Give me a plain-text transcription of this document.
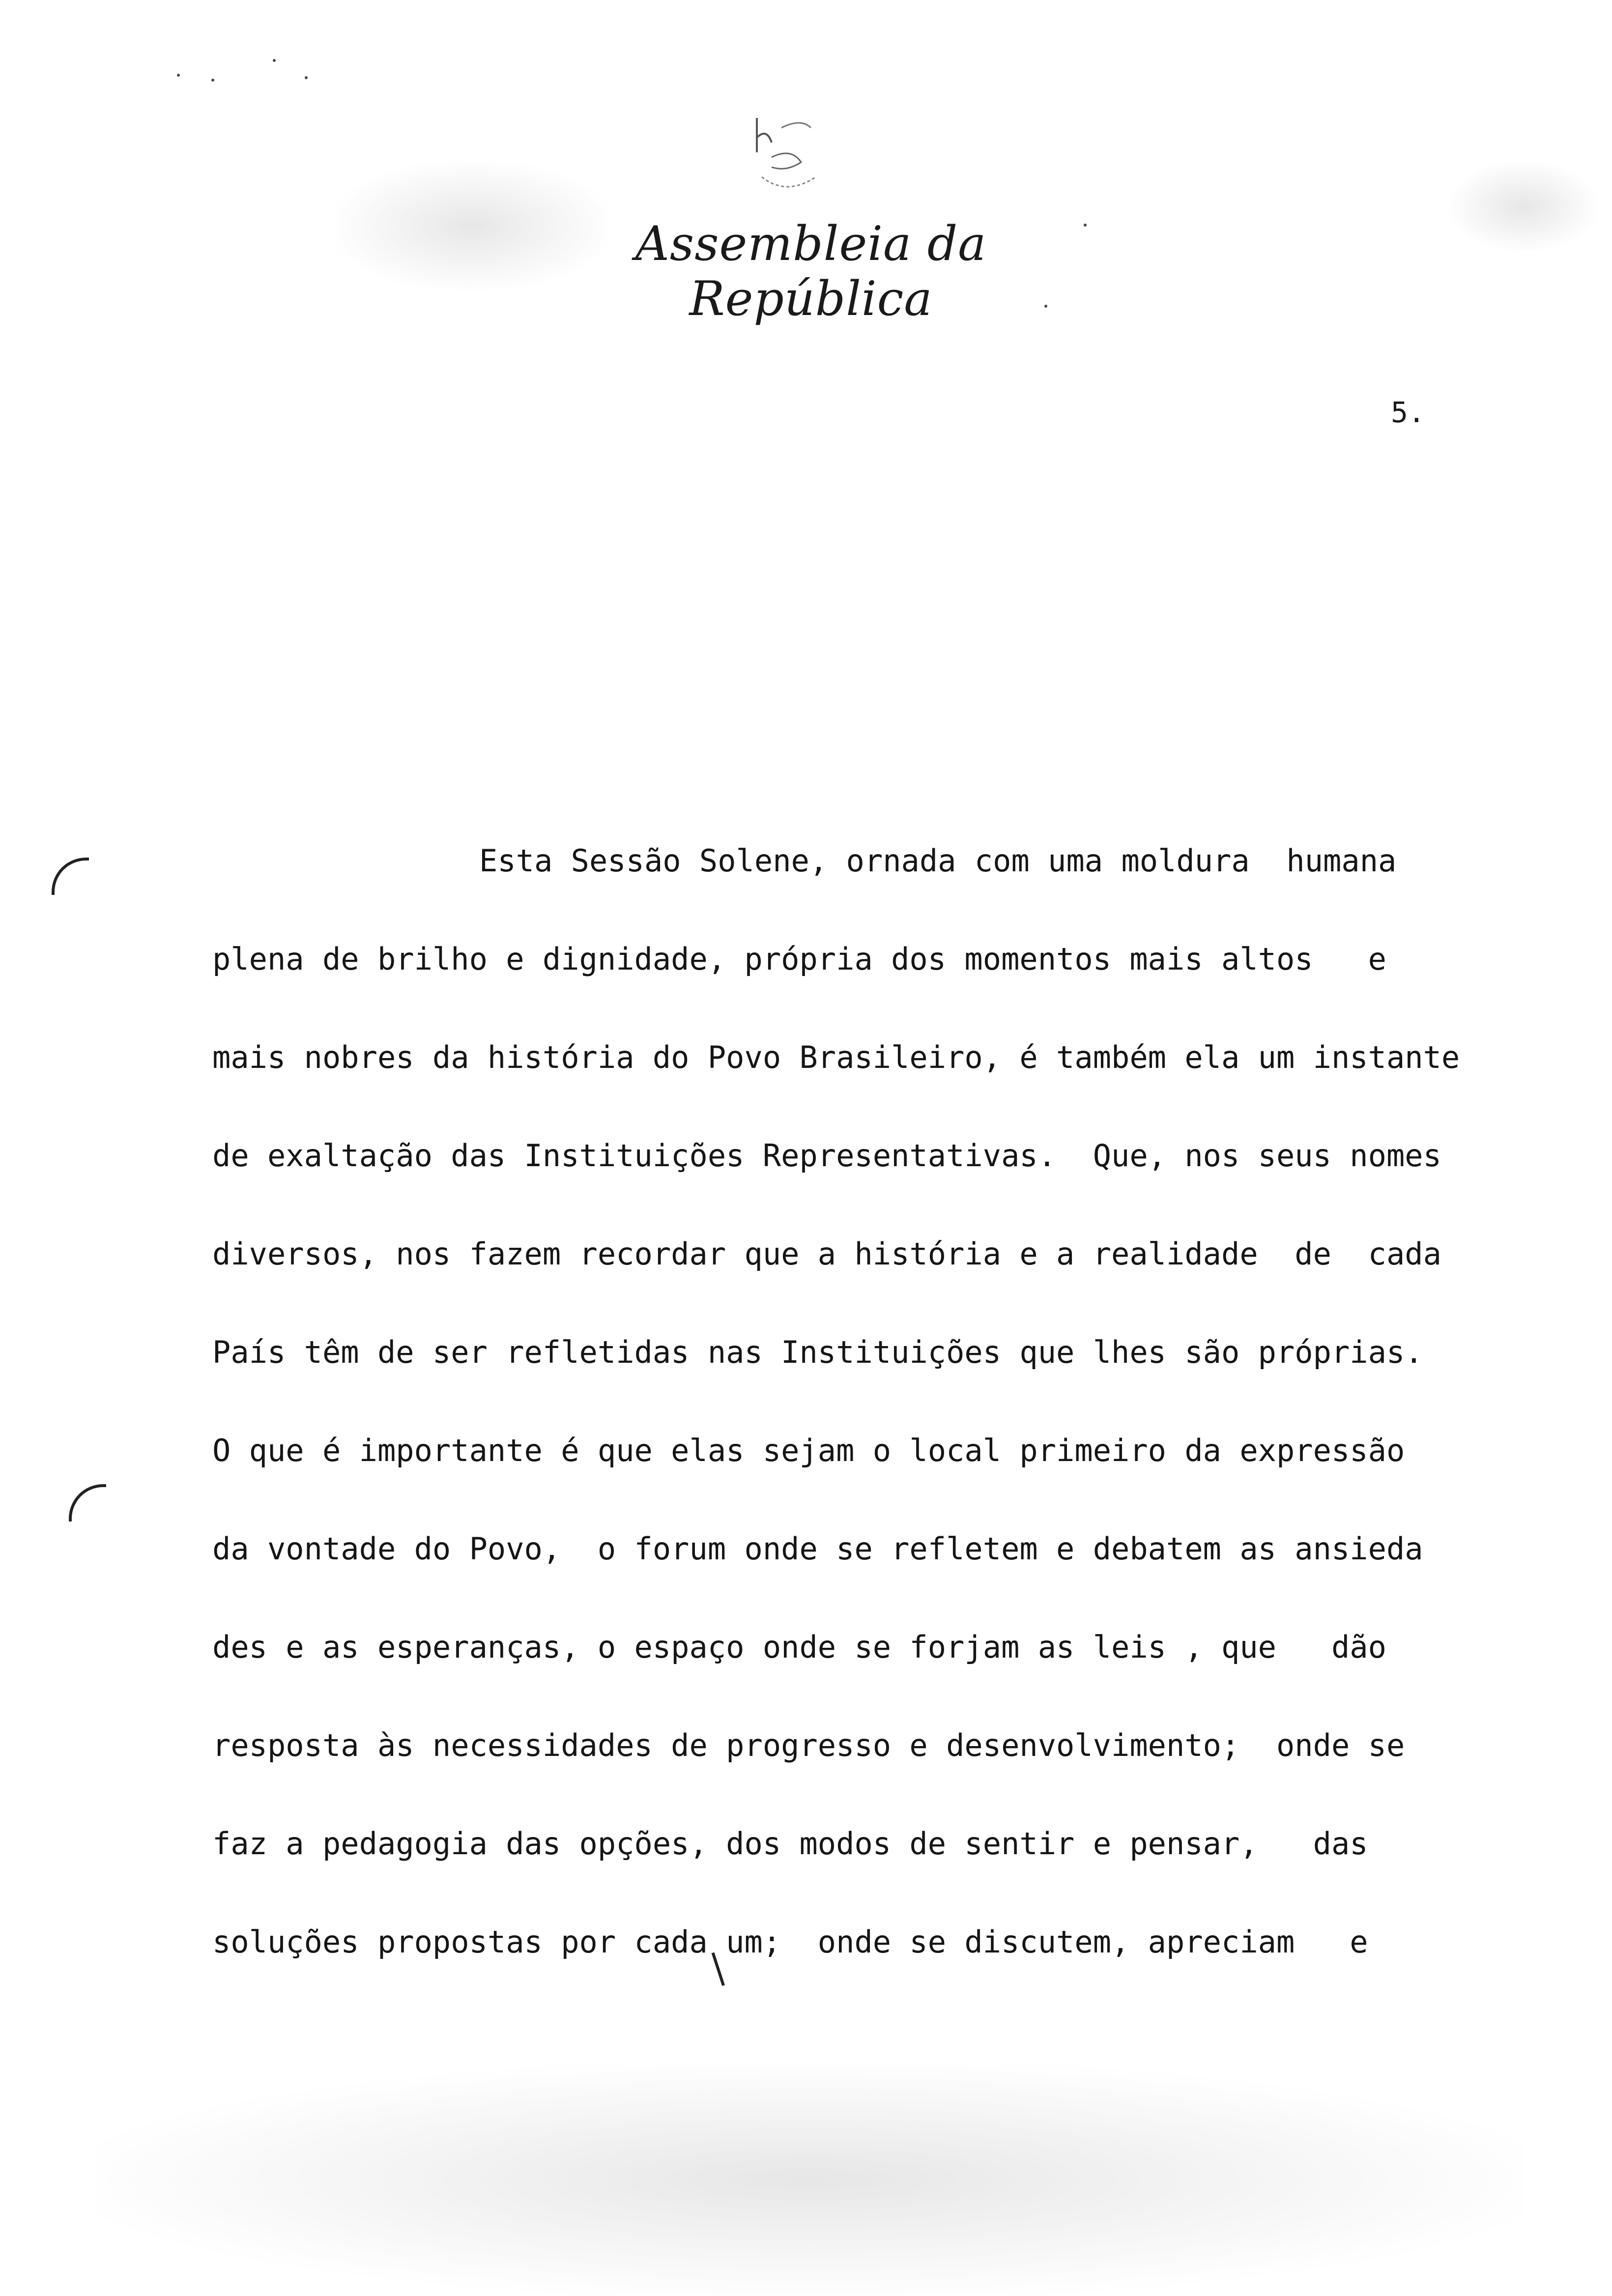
Assembleia da República
5.
Esta Sessão Solene, ornada com uma moldura  humana
plena de brilho e dignidade, própria dos momentos mais altos   e
mais nobres da história do Povo Brasileiro, é também ela um instante
de exaltação das Instituições Representativas.  Que, nos seus nomes
diversos, nos fazem recordar que a história e a realidade  de  cada
País têm de ser refletidas nas Instituições que lhes são próprias.
O que é importante é que elas sejam o local primeiro da expressão
da vontade do Povo,  o forum onde se refletem e debatem as ansieda
des e as esperanças, o espaço onde se forjam as leis , que   dão
resposta às necessidades de progresso e desenvolvimento;  onde se
faz a pedagogia das opções, dos modos de sentir e pensar,   das
soluções propostas por cada um;  onde se discutem, apreciam   e
